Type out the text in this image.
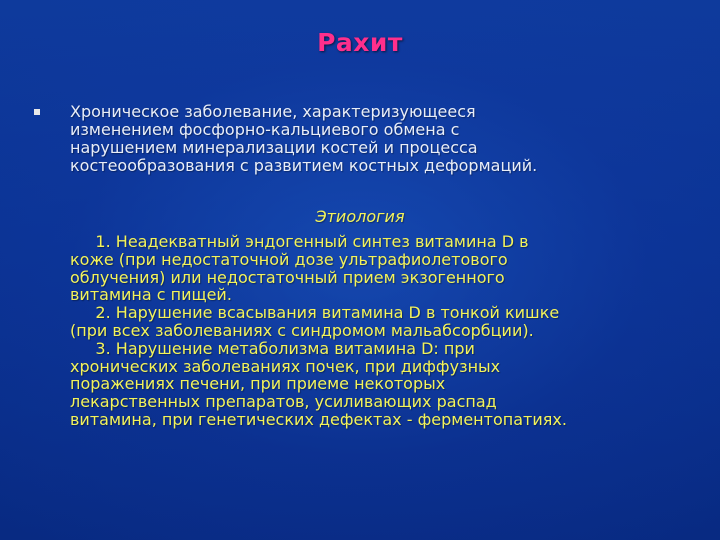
Рахит
Хроническое заболевание, характеризующееся
изменением фосфорно-кальциевого обмена с
нарушением минерализации костей и процесса
костеообразования с развитием костных деформаций.
Этиология
1. Неадекватный эндогенный синтез витамина D в
коже (при недостаточной дозе ультрафиолетового
облучения) или недостаточный прием экзогенного
витамина с пищей.
2. Нарушение всасывания витамина D в тонкой кишке
(при всех заболеваниях с синдромом мальабсорбции).
3. Нарушение метаболизма витамина D: при
хронических заболеваниях почек, при диффузных
поражениях печени, при приеме некоторых
лекарственных препаратов, усиливающих распад
витамина, при генетических дефектах - ферментопатиях.
